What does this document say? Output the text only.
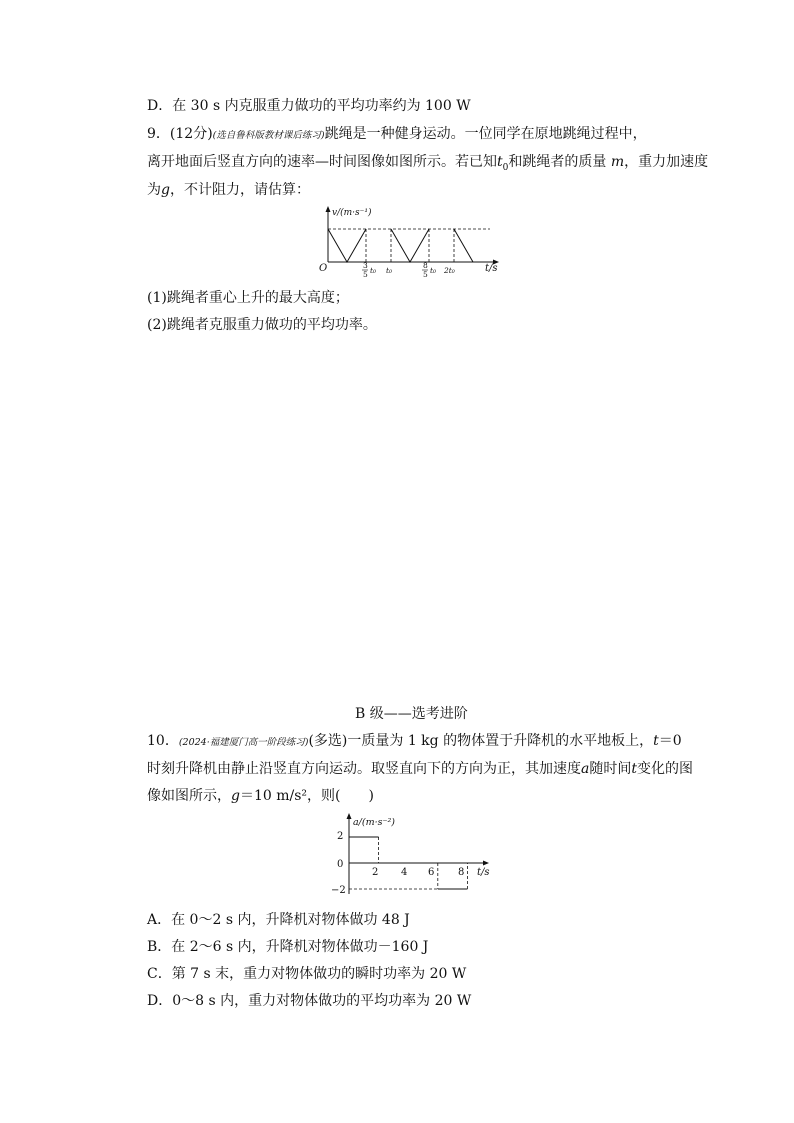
D．在 30 s 内克服重力做功的平均功率约为 100 W
9．(12分)(选自鲁科版教材课后练习)跳绳是一种健身运动。一位同学在原地跳绳过程中，
离开地面后竖直方向的速率—时间图像如图所示。若已知$t_0$和跳绳者的质量 m，重力加速度
为g，不计阻力，请估算：
v/(m·s⁻¹)
O	t/s
3
5 t₀ t₀
8
5 t₀ 2t₀
(1)跳绳者重心上升的最大高度；
(2)跳绳者克服重力做功的平均功率。
B 级——选考进阶
10．(2024·福建厦门高一阶段练习)(多选)一质量为 1 kg 的物体置于升降机的水平地板上，t＝0
时刻升降机由静止沿竖直方向运动。取竖直向下的方向为正，其加速度a随时间t变化的图
像如图所示，g＝10 m/s²，则(　　)
a/(m·s⁻²)
t/s
2
0
−2
2 4 6 8
A．在 0～2 s 内，升降机对物体做功 48 J
B．在 2～6 s 内，升降机对物体做功－160 J
C．第 7 s 末，重力对物体做功的瞬时功率为 20 W
D．0～8 s 内，重力对物体做功的平均功率为 20 W
